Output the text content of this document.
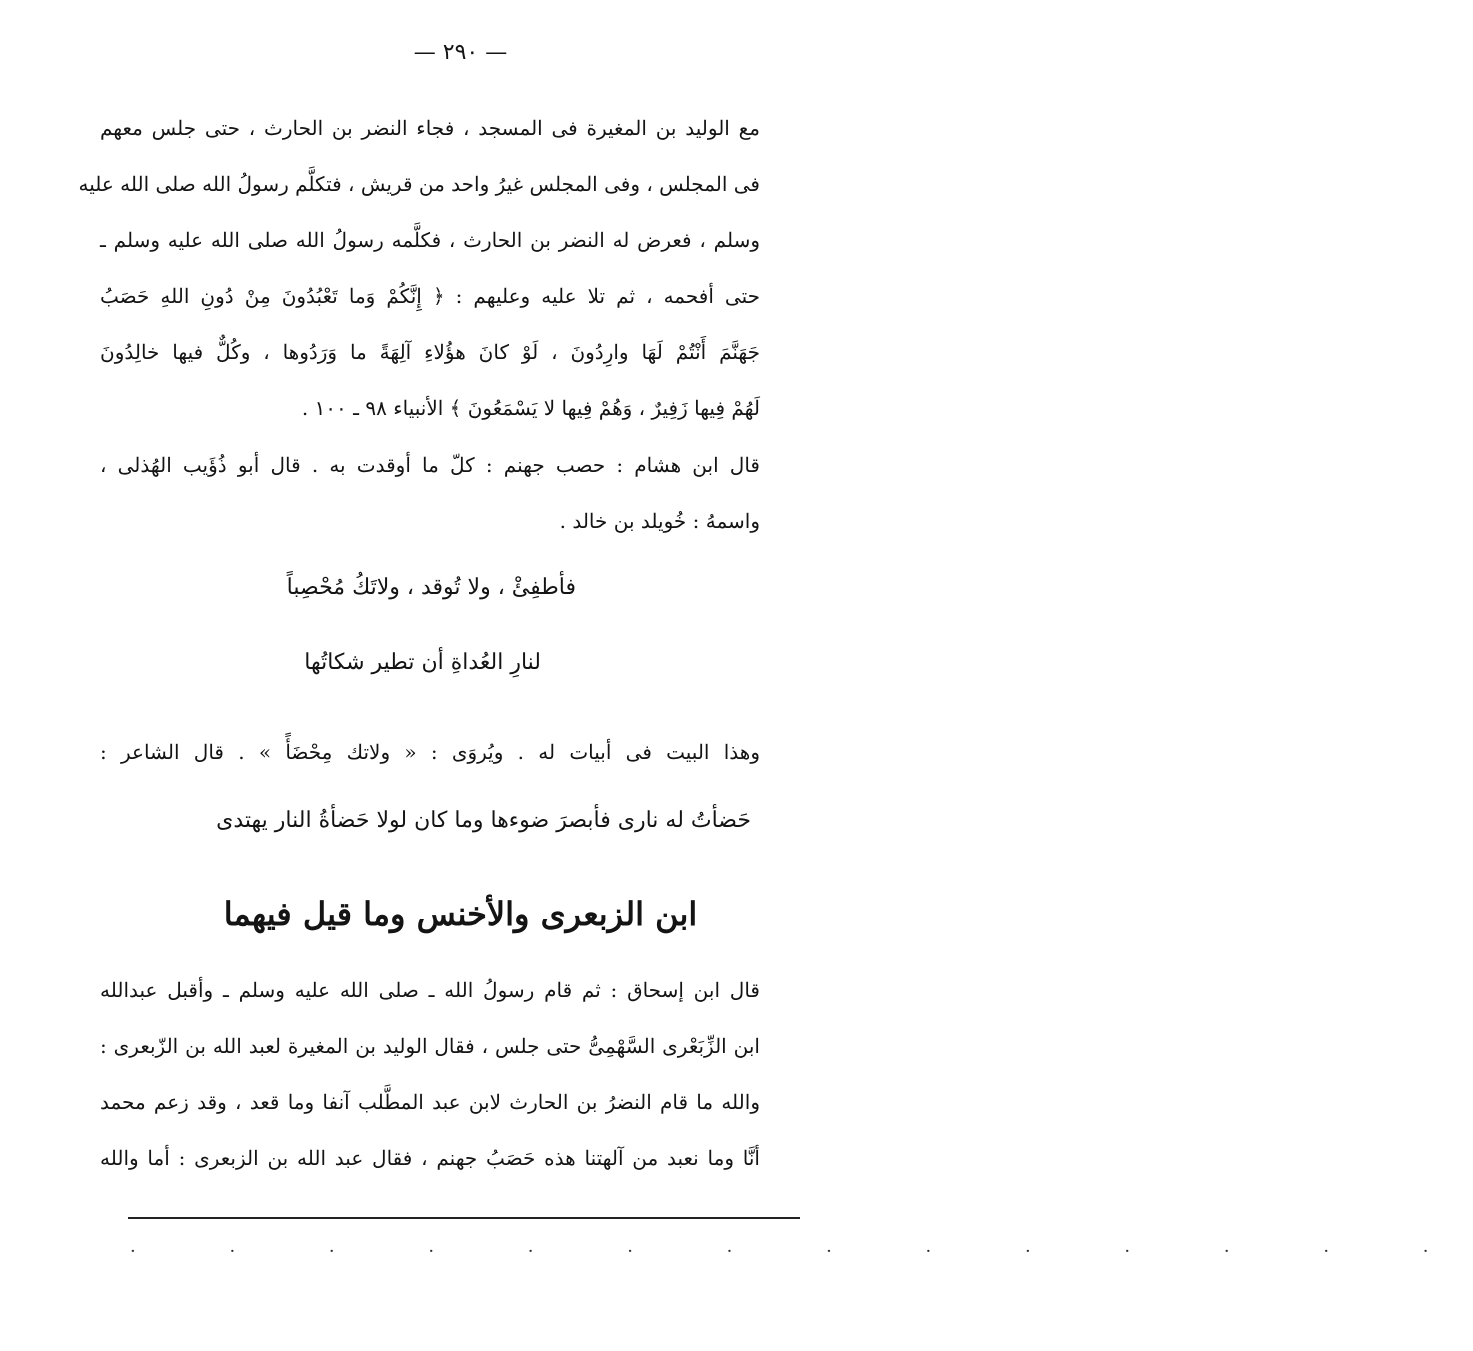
— ٢٩٠ —
مع الوليد بن المغيرة فى المسجد ، فجاء النضر بن الحارث ، حتى جلس معهم
فى المجلس ، وفى المجلس غيرُ واحد من قريش ، فتكلَّم رسولُ الله صلى الله عليه
وسلم ، فعرض له النضر بن الحارث ، فكلَّمه رسولُ الله صلى الله عليه وسلم ـ
حتى أفحمه ، ثم تلا عليه وعليهم : ﴿ إِنَّكُمْ وَما تَعْبُدُونَ مِنْ دُونِ اللهِ حَصَبُ
جَهَنَّمَ أَنْتُمْ لَهَا وارِدُونَ ، لَوْ كانَ هؤُلاءِ آلِهَةً ما وَرَدُوها ، وكُلٌّ فيها خالِدُونَ
لَهُمْ فِيها زَفِيرٌ ، وَهُمْ فِيها لا يَسْمَعُونَ ﴾ الأنبياء ٩٨ ـ ١٠٠ .
قال ابن هشام : حصب جهنم : كلّ ما أوقدت به . قال أبو ذُؤَيب الهُذلى ،
واسمهُ : خُويلد بن خالد .
فأطفِئْ ، ولا تُوقد ، ولاتَكُ مُحْصِباً
لنارِ العُداةِ أن تطير شكاتُها
وهذا البيت فى أبيات له . ويُروَى : « ولاتك مِحْضَأً » . قال الشاعر :
حَضأتُ له نارى فأبصرَ ضوءها وما كان لولا حَضأةُ النار يهتدى
ابن الزبعرى والأخنس وما قيل فيهما
قال ابن إسحاق : ثم قام رسولُ الله ـ صلى الله عليه وسلم ـ وأقبل عبدالله
ابن الزِّبَعْرى السَّهْمِىُّ حتى جلس ، فقال الوليد بن المغيرة لعبد الله بن الزّبعرى :
والله ما قام النضرُ بن الحارث لابن عبد المطَّلب آنفا وما قعد ، وقد زعم محمد
أنَّا وما نعبد من آلهتنا هذه حَصَبُ جهنم ، فقال عبد الله بن الزبعرى : أما والله
· · · · · · · · · · · · · ·
